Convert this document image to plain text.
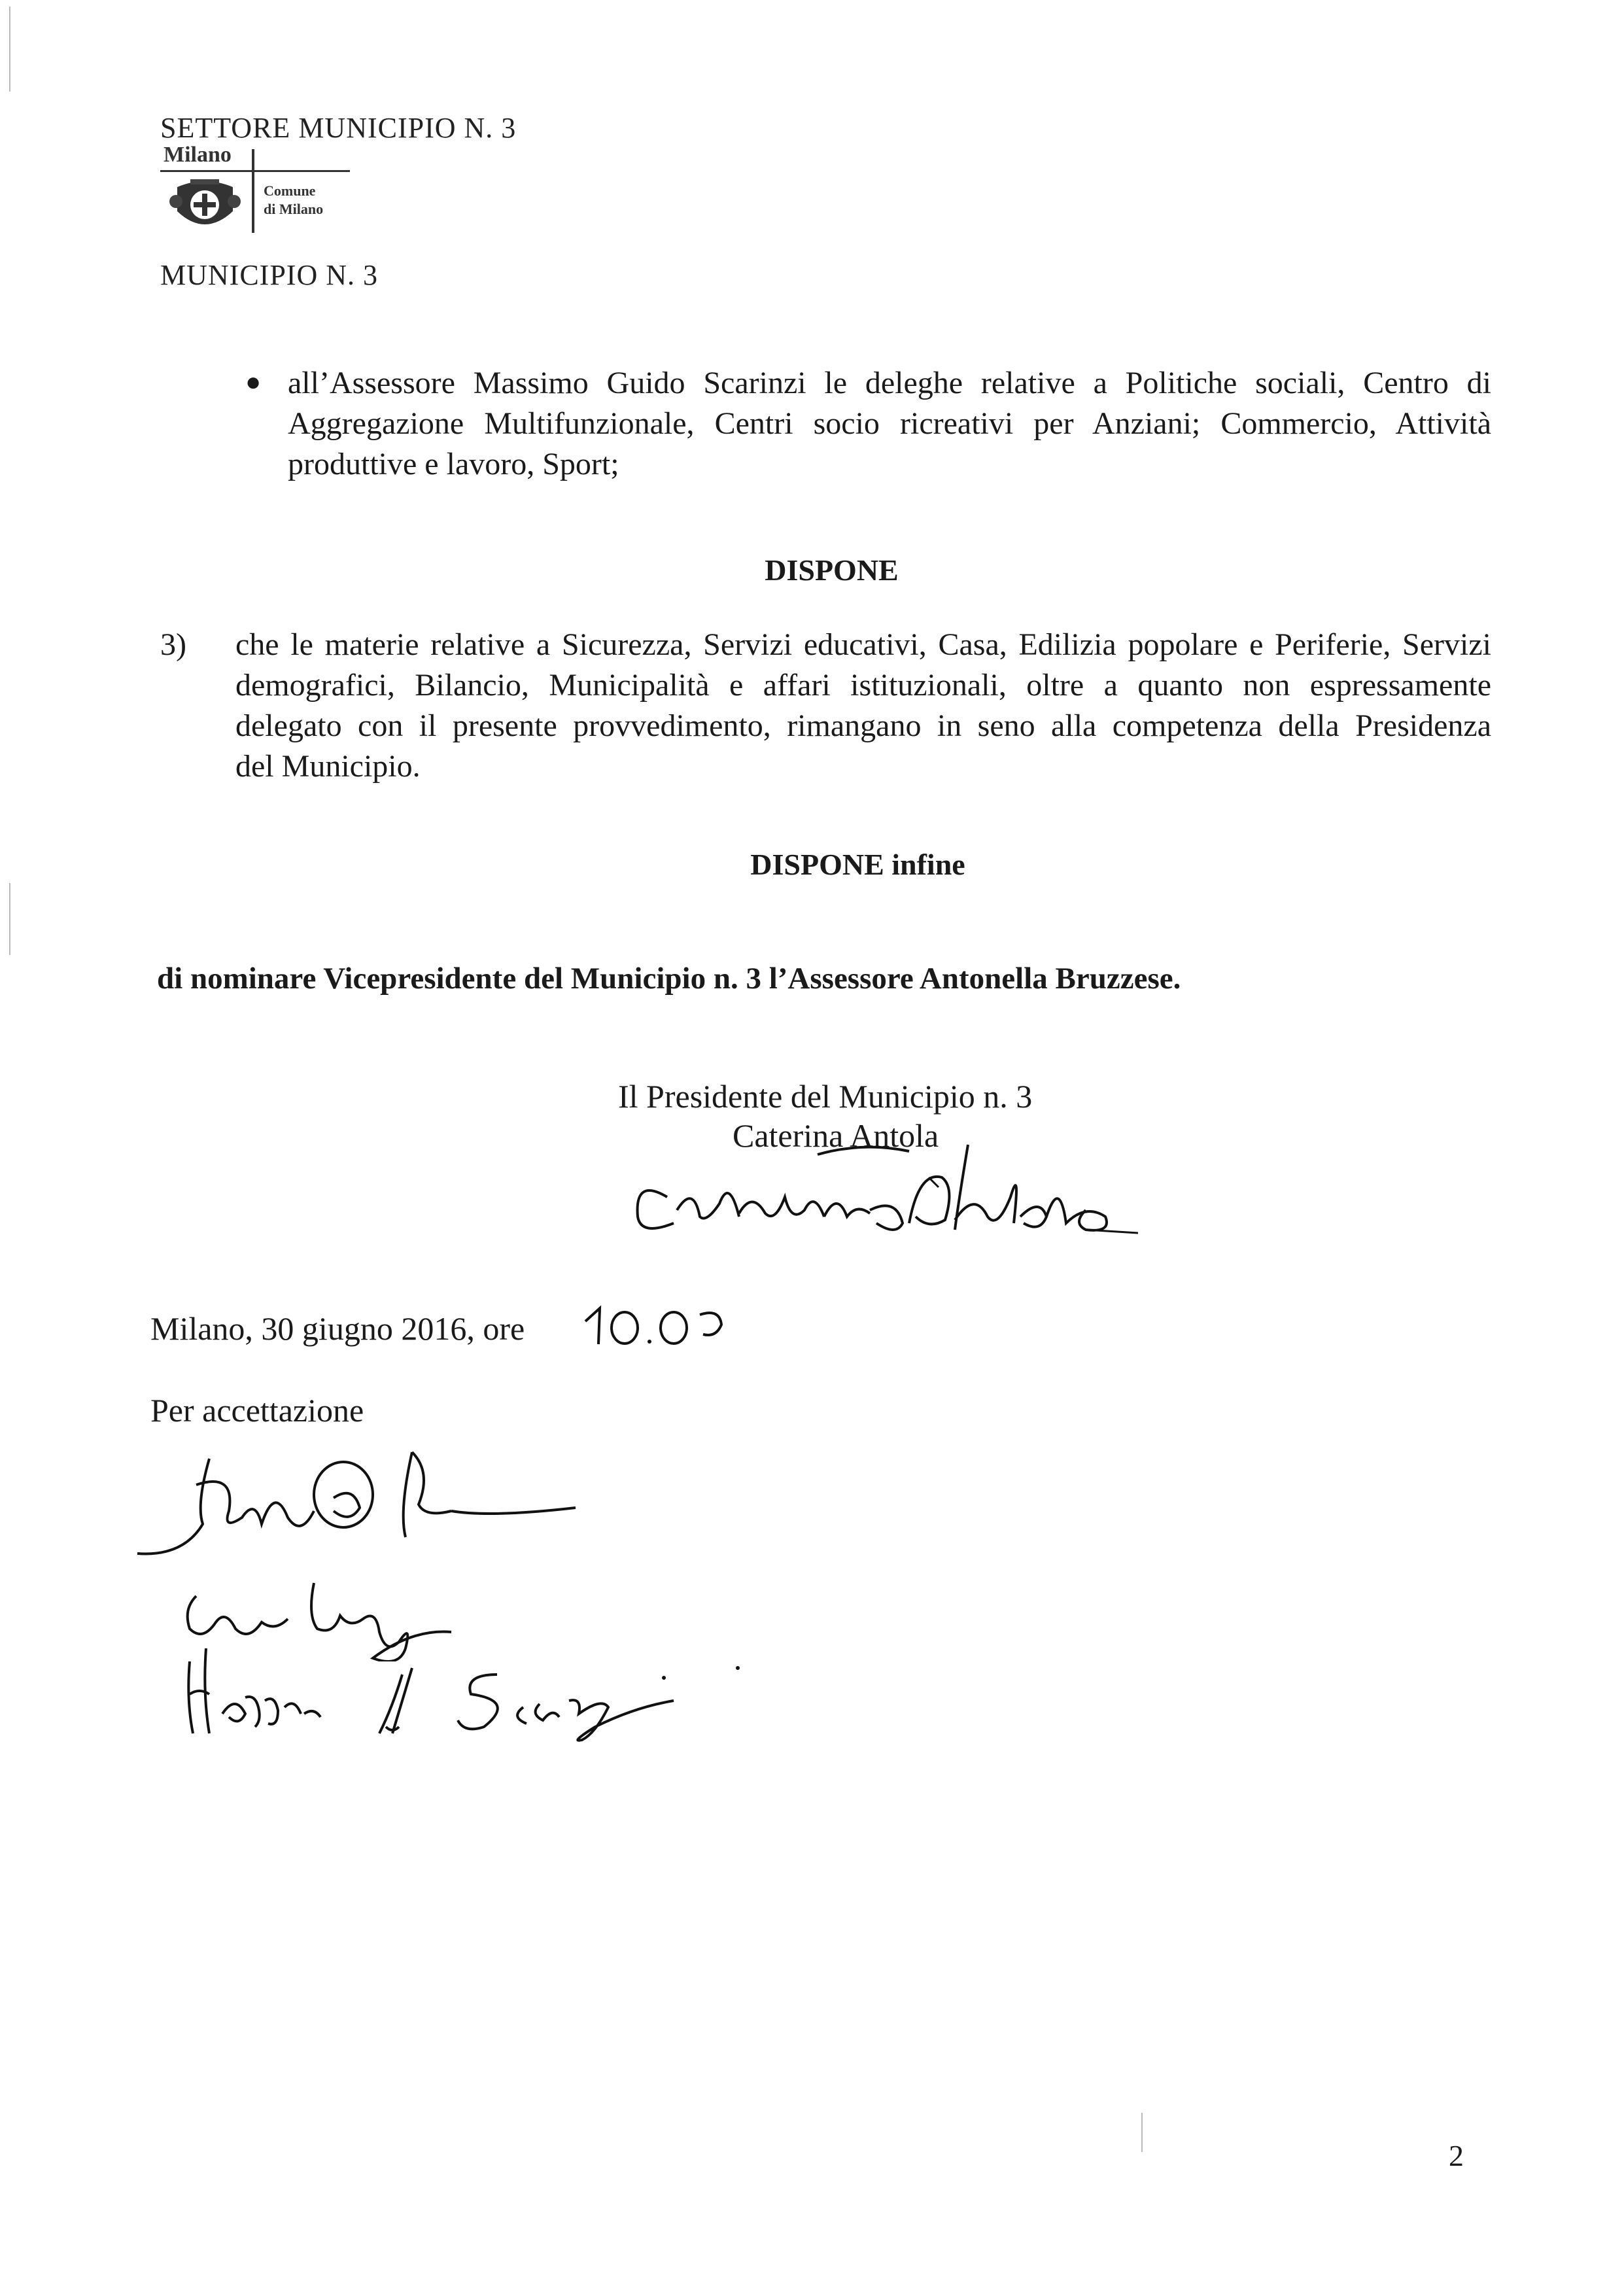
SETTORE MUNICIPIO N. 3
Milano
Comune
di Milano
MUNICIPIO N. 3
● all’Assessore Massimo Guido Scarinzi le deleghe relative a Politiche sociali, Centro di
Aggregazione Multifunzionale, Centri socio ricreativi per Anziani; Commercio, Attività
produttive e lavoro, Sport;
DISPONE
3) che le materie relative a Sicurezza, Servizi educativi, Casa, Edilizia popolare e Periferie, Servizi
demografici, Bilancio, Municipalità e affari istituzionali, oltre a quanto non espressamente
delegato con il presente provvedimento, rimangano in seno alla competenza della Presidenza
del Municipio.
DISPONE infine
di nominare Vicepresidente del Municipio n. 3 l’Assessore Antonella Bruzzese.
Il Presidente del Municipio n. 3
Caterina Antola
Milano, 30 giugno 2016, ore
Per accettazione
2
